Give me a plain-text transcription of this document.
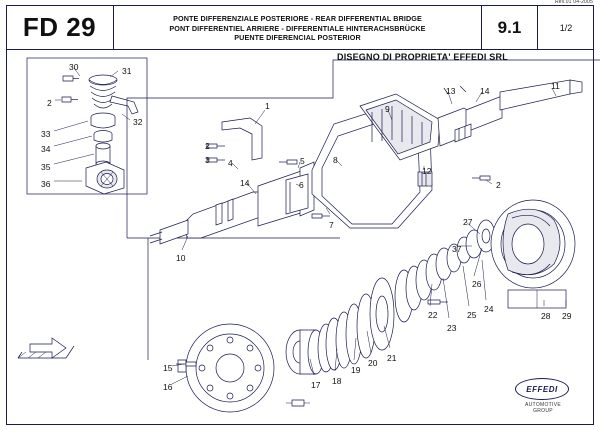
Rev.01 04-2005
FD 29	PONTE DIFFERENZIALE POSTERIORE - REAR DIFFERENTIAL BRIDGE
PONT DIFFERENTIEL ARRIERE - DIFFERENTIALE HINTERACHSBRÜCKE
PUENTE DIFERENCIAL POSTERIOR
9.1	1/2
DISEGNO DI PROPRIETA' EFFEDI SRL
30	31
2
32
33
34
35
36
1
2
3 4	5
6
7
8
9
13	14	11
12
2
14
10
27
37
26
24
25
23
22
21
20
19
18
17
16
15
28 29
EFFEDI
AUTOMOTIVE GROUP
